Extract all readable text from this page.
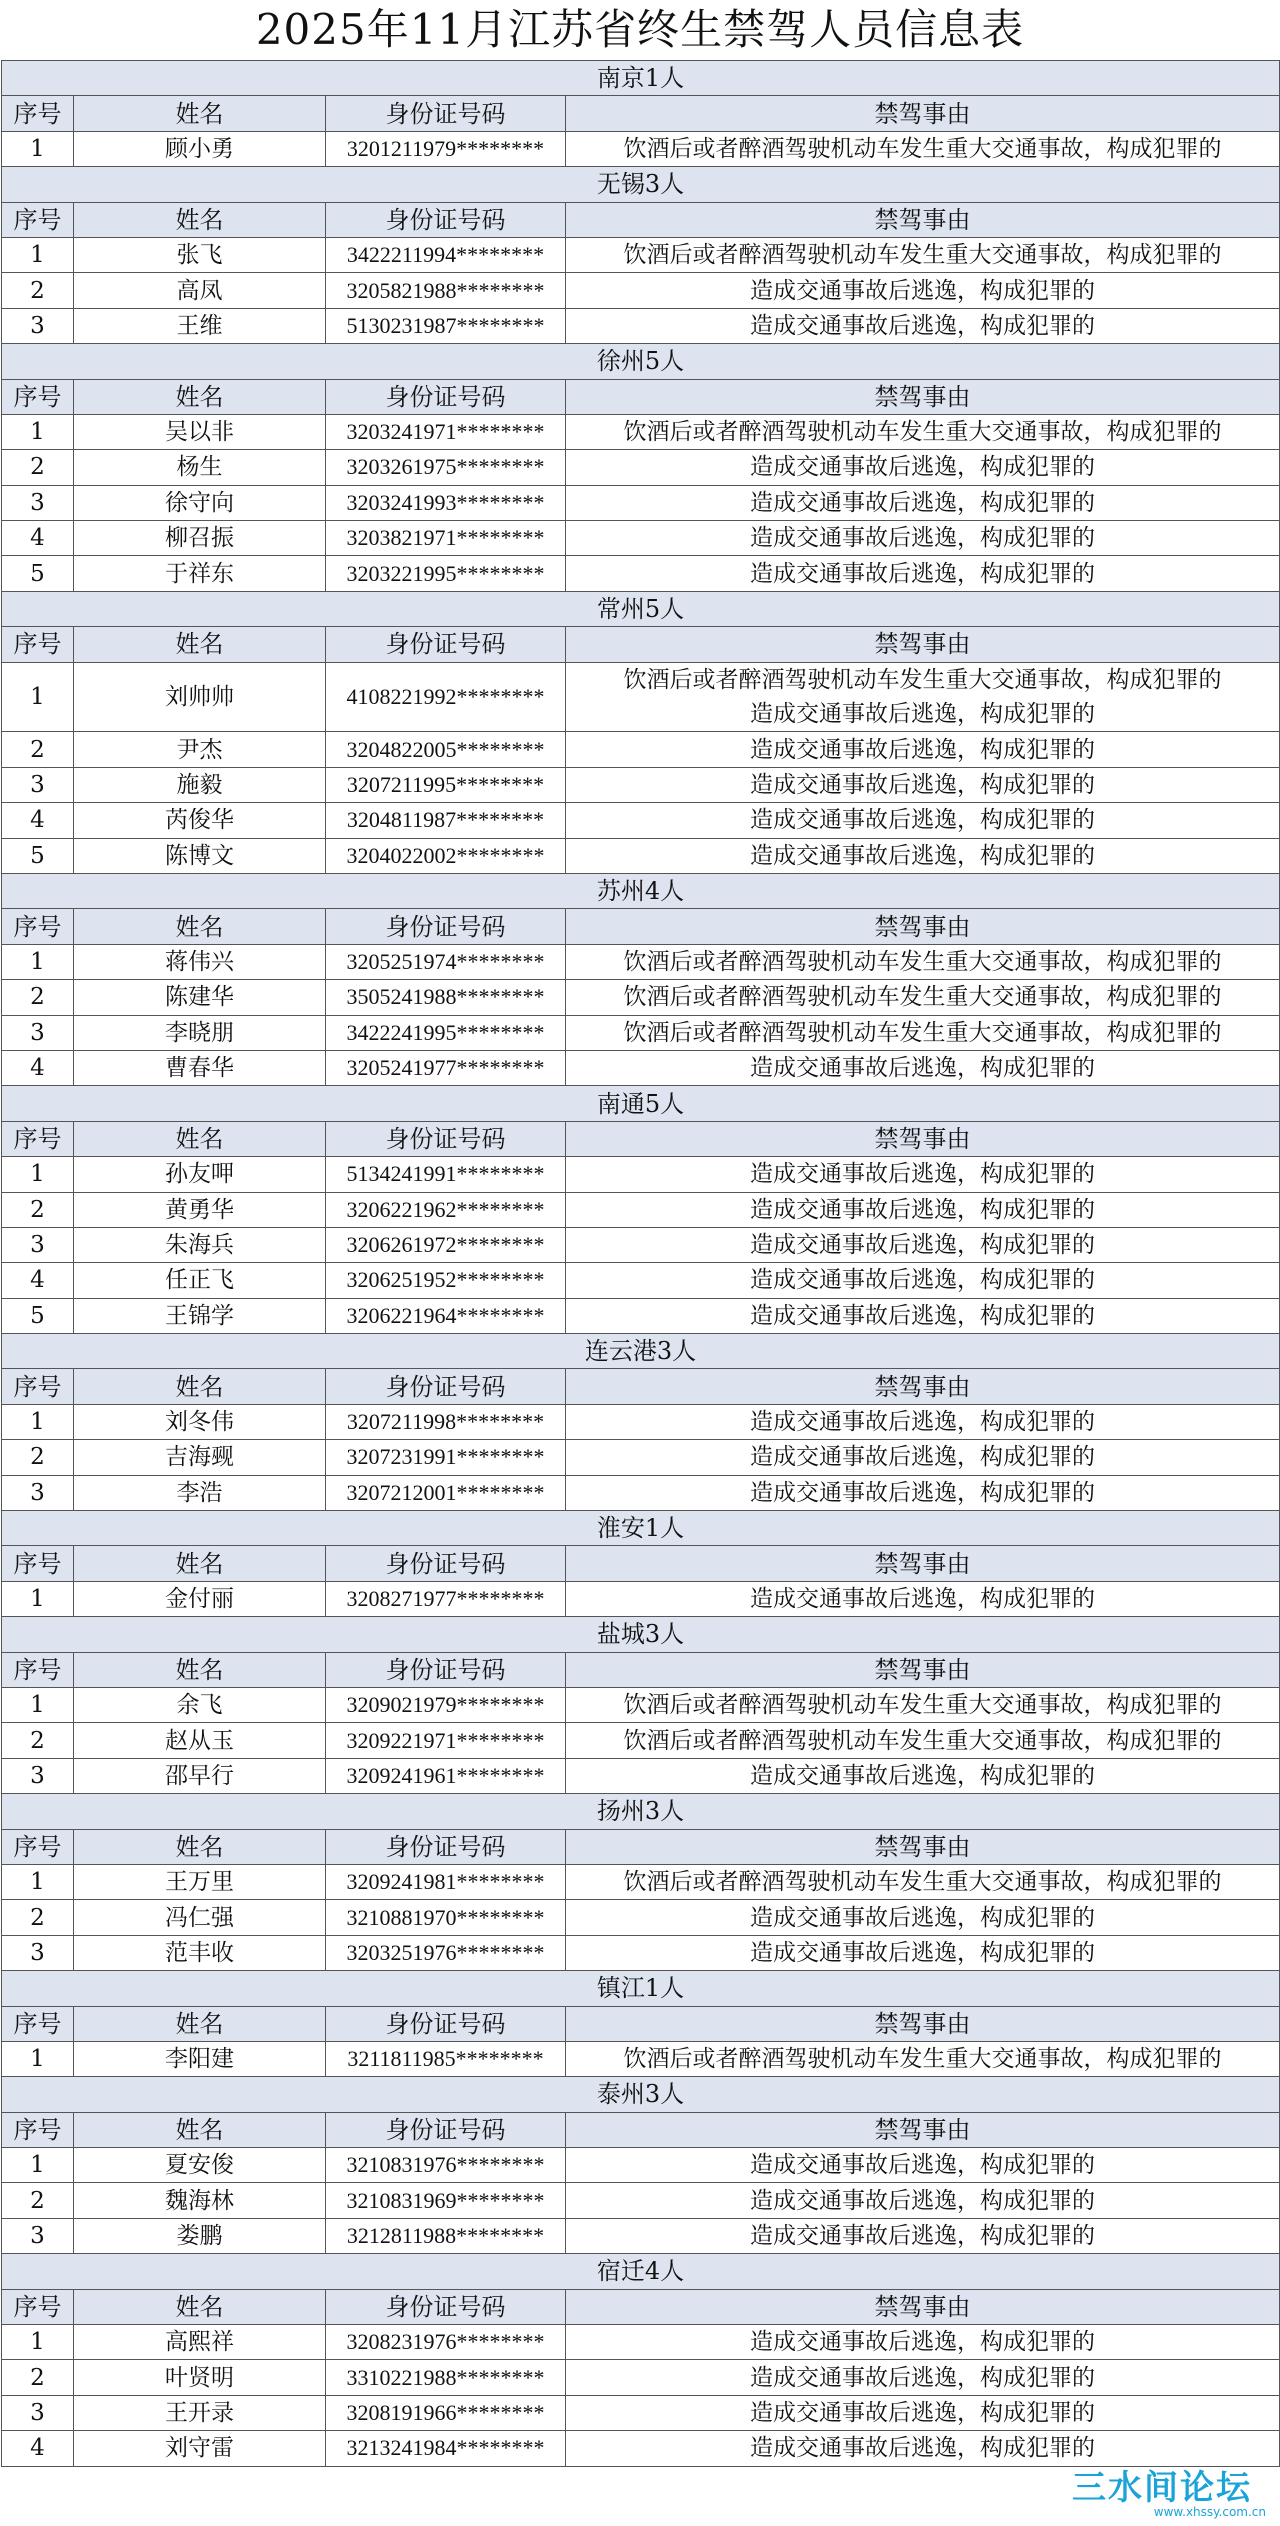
2025年11月江苏省终生禁驾人员信息表
南京1人			
序号	姓名	身份证号码	禁驾事由
1	顾小勇	3201211979********	饮酒后或者醉酒驾驶机动车发生重大交通事故，构成犯罪的

无锡3人			
序号	姓名	身份证号码	禁驾事由
1	张飞	3422211994********	饮酒后或者醉酒驾驶机动车发生重大交通事故，构成犯罪的

2	高凤	3205821988********	造成交通事故后逃逸，构成犯罪的

3	王维	5130231987********	造成交通事故后逃逸，构成犯罪的

徐州5人			
序号	姓名	身份证号码	禁驾事由
1	吴以非	3203241971********	饮酒后或者醉酒驾驶机动车发生重大交通事故，构成犯罪的

2	杨生	3203261975********	造成交通事故后逃逸，构成犯罪的

3	徐守向	3203241993********	造成交通事故后逃逸，构成犯罪的

4	柳召振	3203821971********	造成交通事故后逃逸，构成犯罪的

5	于祥东	3203221995********	造成交通事故后逃逸，构成犯罪的

常州5人			
序号	姓名	身份证号码	禁驾事由
1	刘帅帅	4108221992********	饮酒后或者醉酒驾驶机动车发生重大交通事故，构成犯罪的
造成交通事故后逃逸，构成犯罪的

2	尹杰	3204822005********	造成交通事故后逃逸，构成犯罪的

3	施毅	3207211995********	造成交通事故后逃逸，构成犯罪的

4	芮俊华	3204811987********	造成交通事故后逃逸，构成犯罪的

5	陈博文	3204022002********	造成交通事故后逃逸，构成犯罪的

苏州4人			
序号	姓名	身份证号码	禁驾事由
1	蒋伟兴	3205251974********	饮酒后或者醉酒驾驶机动车发生重大交通事故，构成犯罪的

2	陈建华	3505241988********	饮酒后或者醉酒驾驶机动车发生重大交通事故，构成犯罪的

3	李晓朋	3422241995********	饮酒后或者醉酒驾驶机动车发生重大交通事故，构成犯罪的

4	曹春华	3205241977********	造成交通事故后逃逸，构成犯罪的

南通5人			
序号	姓名	身份证号码	禁驾事由
1	孙友呷	5134241991********	造成交通事故后逃逸，构成犯罪的

2	黄勇华	3206221962********	造成交通事故后逃逸，构成犯罪的

3	朱海兵	3206261972********	造成交通事故后逃逸，构成犯罪的

4	任正飞	3206251952********	造成交通事故后逃逸，构成犯罪的

5	王锦学	3206221964********	造成交通事故后逃逸，构成犯罪的

连云港3人			
序号	姓名	身份证号码	禁驾事由
1	刘冬伟	3207211998********	造成交通事故后逃逸，构成犯罪的

2	吉海觋	3207231991********	造成交通事故后逃逸，构成犯罪的

3	李浩	3207212001********	造成交通事故后逃逸，构成犯罪的

淮安1人			
序号	姓名	身份证号码	禁驾事由
1	金付丽	3208271977********	造成交通事故后逃逸，构成犯罪的

盐城3人			
序号	姓名	身份证号码	禁驾事由
1	余飞	3209021979********	饮酒后或者醉酒驾驶机动车发生重大交通事故，构成犯罪的

2	赵从玉	3209221971********	饮酒后或者醉酒驾驶机动车发生重大交通事故，构成犯罪的

3	邵早行	3209241961********	造成交通事故后逃逸，构成犯罪的

扬州3人			
序号	姓名	身份证号码	禁驾事由
1	王万里	3209241981********	饮酒后或者醉酒驾驶机动车发生重大交通事故，构成犯罪的

2	冯仁强	3210881970********	造成交通事故后逃逸，构成犯罪的

3	范丰收	3203251976********	造成交通事故后逃逸，构成犯罪的

镇江1人			
序号	姓名	身份证号码	禁驾事由
1	李阳建	3211811985********	饮酒后或者醉酒驾驶机动车发生重大交通事故，构成犯罪的

泰州3人			
序号	姓名	身份证号码	禁驾事由
1	夏安俊	3210831976********	造成交通事故后逃逸，构成犯罪的

2	魏海林	3210831969********	造成交通事故后逃逸，构成犯罪的

3	娄鹏	3212811988********	造成交通事故后逃逸，构成犯罪的

宿迁4人			
序号	姓名	身份证号码	禁驾事由
1	高熙祥	3208231976********	造成交通事故后逃逸，构成犯罪的

2	叶贤明	3310221988********	造成交通事故后逃逸，构成犯罪的

3	王开录	3208191966********	造成交通事故后逃逸，构成犯罪的

4	刘守雷	3213241984********	造成交通事故后逃逸，构成犯罪的
三水间论坛
www.xhssy.com.cn
